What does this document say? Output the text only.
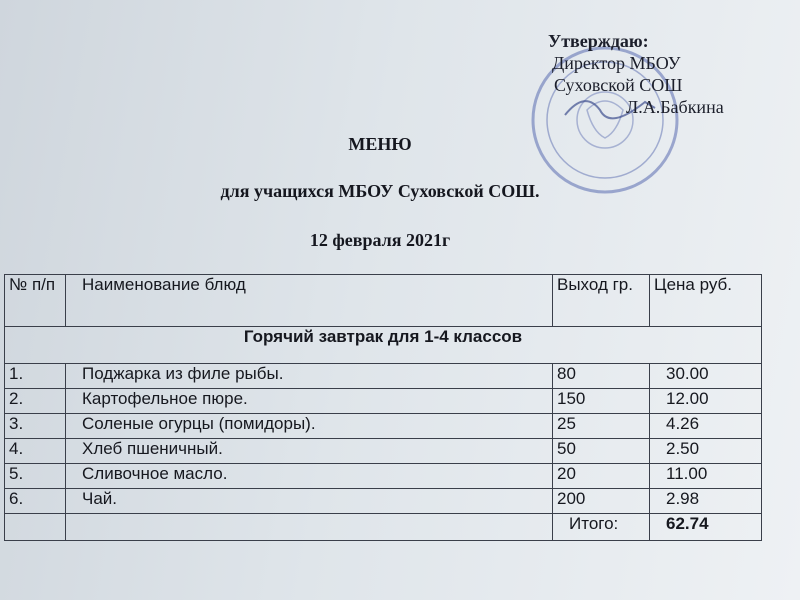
Утверждаю:
Директор МБОУ
Суховской СОШ
Л.А.Бабкина
МЕНЮ
для учащихся МБОУ Суховской СОШ.
12 февраля 2021г
№ п/п	Наименование блюд	Выход гр.	Цена руб.
Горячий завтрак для 1-4 классов			
1.	Поджарка из филе рыбы.	80	30.00
2.	Картофельное пюре.	150	12.00
3.	Соленые огурцы (помидоры).	25	4.26
4.	Хлеб пшеничный.	50	2.50
5.	Сливочное масло.	20	11.00
6.	Чай.	200	2.98
		Итого:	62.74
